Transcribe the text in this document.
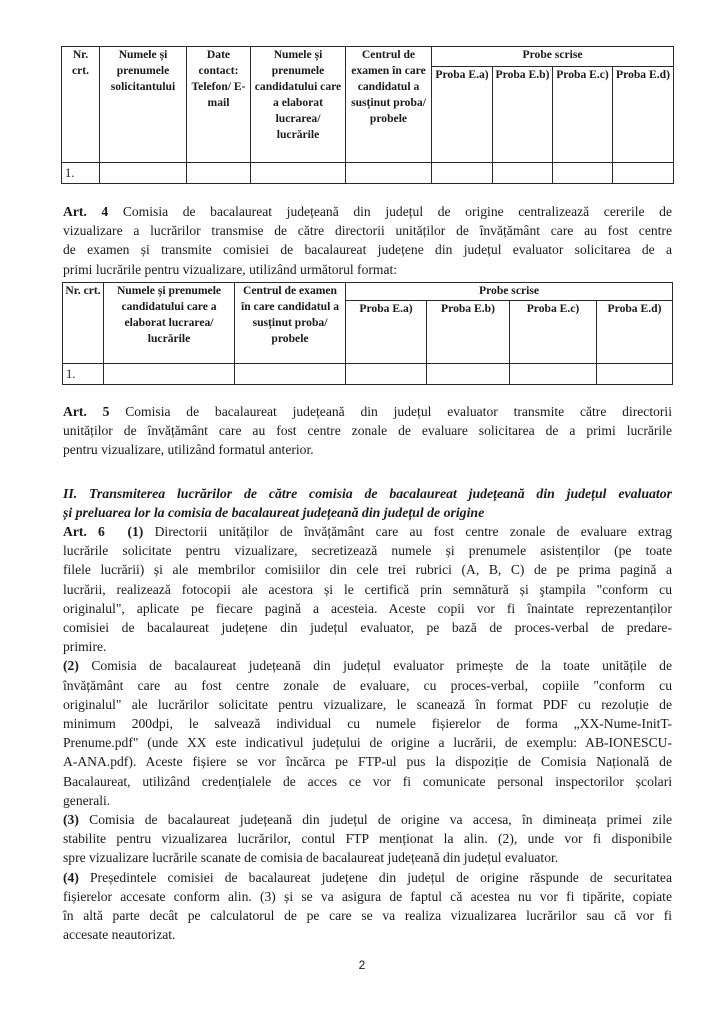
Nr. crt.	Numele și prenumele solicitantului	Date contact: Telefon/ E-mail	Numele și prenumele candidatului care a elaborat lucrarea/ lucrările	Centrul de examen în care candidatul a susținut proba/ probele	Probe scrise			
					Proba E.a)	Proba E.b)	Proba E.c)	Proba E.d)
1.								
Art. 4 Comisia de bacalaureat județeană din județul de origine centralizează cererile de
vizualizare a lucrărilor transmise de către directorii unităților de învățământ care au fost centre
de examen și transmite comisiei de bacalaureat județene din județul evaluator solicitarea de a
primi lucrările pentru vizualizare, utilizând următorul format:
Nr. crt.	Numele și prenumele candidatului care a elaborat lucrarea/ lucrările	Centrul de examen în care candidatul a susținut proba/ probele	Probe scrise			
			Proba E.a)	Proba E.b)	Proba E.c)	Proba E.d)
1.						
Art. 5 Comisia de bacalaureat județeană din județul evaluator transmite către directorii
unităților de învățământ care au fost centre zonale de evaluare solicitarea de a primi lucrările
pentru vizualizare, utilizând formatul anterior.
II. Transmiterea lucrărilor de către comisia de bacalaureat județeană din județul evaluator
și preluarea lor la comisia de bacalaureat județeană din județul de origine
Art. 6 (1) Directorii unităților de învățământ care au fost centre zonale de evaluare extrag
lucrările solicitate pentru vizualizare, secretizează numele și prenumele asistenților (pe toate
filele lucrării) și ale membrilor comisiilor din cele trei rubrici (A, B, C) de pe prima pagină a
lucrării, realizează fotocopii ale acestora și le certifică prin semnătură și ştampila "conform cu
originalul", aplicate pe fiecare pagină a acesteia. Aceste copii vor fi înaintate reprezentanților
comisiei de bacalaureat județene din județul evaluator, pe bază de proces-verbal de predare-
primire.
(2) Comisia de bacalaureat județeană din județul evaluator primește de la toate unitățile de
învățământ care au fost centre zonale de evaluare, cu proces-verbal, copiile "conform cu
originalul" ale lucrărilor solicitate pentru vizualizare, le scanează în format PDF cu rezoluție de
minimum 200dpi, le salvează individual cu numele fișierelor de forma „XX-Nume-InitT-
Prenume.pdf" (unde XX este indicativul județului de origine a lucrării, de exemplu: AB-IONESCU-
A-ANA.pdf). Aceste fișiere se vor încărca pe FTP-ul pus la dispoziție de Comisia Națională de
Bacalaureat, utilizând credențialele de acces ce vor fi comunicate personal inspectorilor școlari
generali.
(3) Comisia de bacalaureat județeană din județul de origine va accesa, în dimineața primei zile
stabilite pentru vizualizarea lucrărilor, contul FTP menționat la alin. (2), unde vor fi disponibile
spre vizualizare lucrările scanate de comisia de bacalaureat județeană din județul evaluator.
(4) Președintele comisiei de bacalaureat județene din județul de origine răspunde de securitatea
fișierelor accesate conform alin. (3) și se va asigura de faptul că acestea nu vor fi tipărite, copiate
în altă parte decât pe calculatorul de pe care se va realiza vizualizarea lucrărilor sau că vor fi
accesate neautorizat.
2
